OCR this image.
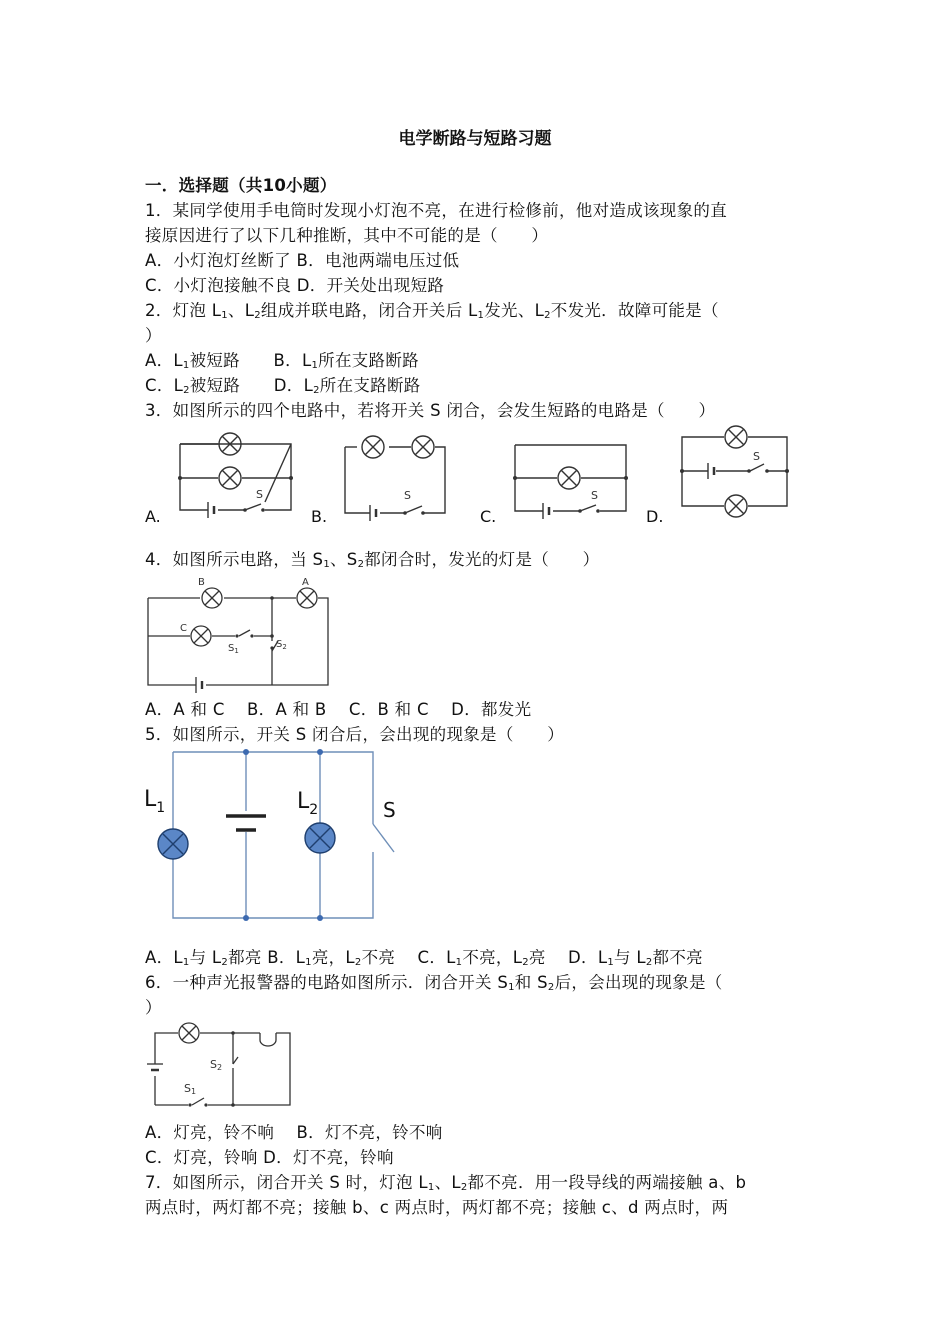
电学断路与短路习题
一．选择题（共10小题）
1．某同学使用手电筒时发现小灯泡不亮，在进行检修前，他对造成该现象的直
接原因进行了以下几种推断，其中不可能的是（　　）
A．小灯泡灯丝断了 B．电池两端电压过低
C．小灯泡接触不良 D．开关处出现短路
2．灯泡 $L_1$、$L_2$组成并联电路，闭合开关后 $L_1$发光、$L_2$不发光．故障可能是（
）
A．$L_1$被短路　　B．$L_1$所在支路断路
C．$L_2$被短路　　D．$L_2$所在支路断路
3．如图所示的四个电路中，若将开关 S 闭合，会发生短路的电路是（　　）
A.
S
B.
S
C.
S
D.
S
4．如图所示电路，当 $S_1$、$S_2$都闭合时，发光的灯是（　　）
B	A
C
$S_1$
$S_2$
A．A 和 C　 B．A 和 B　 C．B 和 C　 D．都发光
5．如图所示，开关 S 闭合后，会出现的现象是（　　）
$L_1$	$L_2$	S
A．$L_1$与 $L_2$都亮 B．$L_1$亮，$L_2$不亮　 C．$L_1$不亮，$L_2$亮　 D．$L_1$与 $L_2$都不亮
6．一种声光报警器的电路如图所示．闭合开关 $S_1$和 $S_2$后，会出现的现象是（
）
S2
S1
A．灯亮，铃不响　 B．灯不亮，铃不响
C．灯亮，铃响 D．灯不亮，铃响
7．如图所示，闭合开关 S 时，灯泡 $L_1$、$L_2$都不亮．用一段导线的两端接触 a、b
两点时，两灯都不亮；接触 b、c 两点时，两灯都不亮；接触 c、d 两点时，两
